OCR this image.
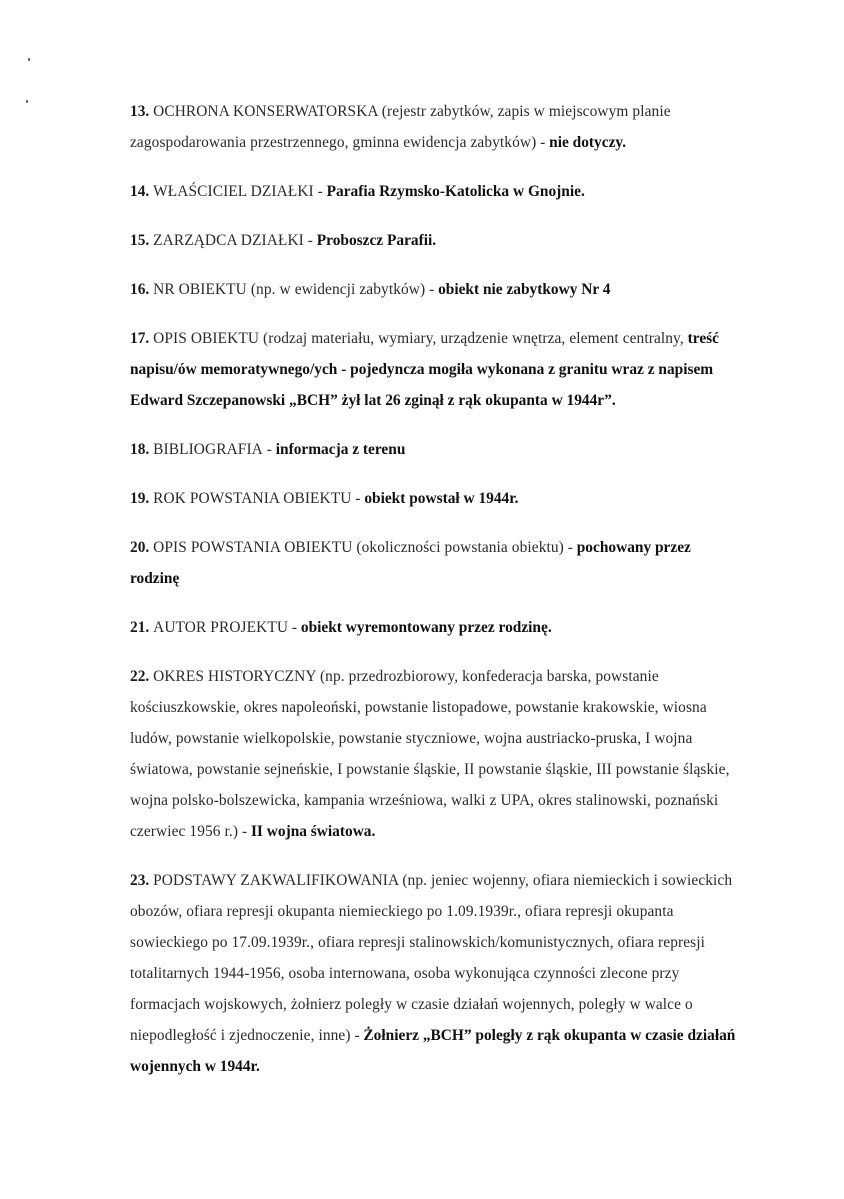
13. OCHRONA KONSERWATORSKA (rejestr zabytków, zapis w miejscowym planie zagospodarowania przestrzennego, gminna ewidencja zabytków) - nie dotyczy.

14. WŁAŚCICIEL DZIAŁKI - Parafia Rzymsko-Katolicka w Gnojnie.

15. ZARZĄDCA DZIAŁKI - Proboszcz Parafii.

16. NR OBIEKTU (np. w ewidencji zabytków) - obiekt nie zabytkowy Nr 4

17. OPIS OBIEKTU (rodzaj materiału, wymiary, urządzenie wnętrza, element centralny, treść napisu/ów memoratywnego/ych - pojedyncza mogiła wykonana z granitu wraz z napisem Edward Szczepanowski „BCH” żył lat 26 zginął z rąk okupanta w 1944r”.

18. BIBLIOGRAFIA - informacja z terenu

19. ROK POWSTANIA OBIEKTU - obiekt powstał w 1944r.

20. OPIS POWSTANIA OBIEKTU (okoliczności powstania obiektu) - pochowany przez rodzinę

21. AUTOR PROJEKTU - obiekt wyremontowany przez rodzinę.

22. OKRES HISTORYCZNY (np. przedrozbiorowy, konfederacja barska, powstanie kościuszkowskie, okres napoleoński, powstanie listopadowe, powstanie krakowskie, wiosna ludów, powstanie wielkopolskie, powstanie styczniowe, wojna austriacko-pruska, I wojna światowa, powstanie sejneńskie, I powstanie śląskie, II powstanie śląskie, III powstanie śląskie, wojna polsko-bolszewicka, kampania wrześniowa, walki z UPA, okres stalinowski, poznański czerwiec 1956 r.) - II wojna światowa.

23. PODSTAWY ZAKWALIFIKOWANIA (np. jeniec wojenny, ofiara niemieckich i sowieckich obozów, ofiara represji okupanta niemieckiego po 1.09.1939r., ofiara represji okupanta sowieckiego po 17.09.1939r., ofiara represji stalinowskich/komunistycznych, ofiara represji totalitarnych 1944-1956, osoba internowana, osoba wykonująca czynności zlecone przy formacjach wojskowych, żołnierz poległy w czasie działań wojennych, poległy w walce o niepodległość i zjednoczenie, inne) - Żołnierz „BCH” poległy z rąk okupanta w czasie działań wojennych w 1944r.
